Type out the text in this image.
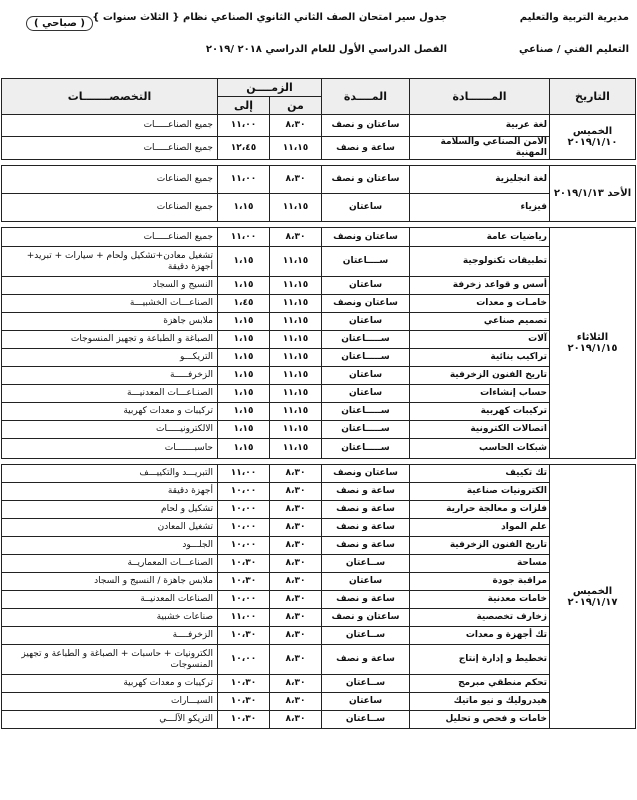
مديرية التربية والتعليم
جدول سير امتحان الصف الثاني الثانوي الصناعي نظام { الثلاث سنوات }
( صباحي )
التعليم الفني / صناعي
الفصل الدراسي الأول للعام الدراسي ٢٠١٨ /٢٠١٩
التاريخ	المــــــادة	المــــدة	الزمــــن		التخصصـــــــات
			من	إلى	
الخميس ٢٠١٩/١/١٠	لغة عربية	ساعتان و نصف	٨،٣٠	١١،٠٠	جميع الصناعـــــات
	الأمن الصناعي والسلامة المهنية	ساعة و نصف	١١،١٥	١٢،٤٥	جميع الصناعـــــات

الأحد ٢٠١٩/١/١٣	لغة انجليزية	ساعتان و نصف	٨،٣٠	١١،٠٠	جميع الصناعات
	فيزياء	ساعتان	١١،١٥	١،١٥	جميع الصناعات

الثلاثاء ٢٠١٩/١/١٥	رياضيات عامة	ساعتان ونصف	٨،٣٠	١١،٠٠	جميع الصناعـــــات
	تطبيقات تكنولوجية	ســــاعتان	١١،١٥	١،١٥	تشغيل معادن+تشكيل ولحام + سيارات + تبريد+ أجهزة دقيقة
	أسس و قواعد زخرفة	ساعتان	١١،١٥	١،١٥	النسيج و السجاد
	خامـات و معدات	ساعتان ونصف	١١،١٥	١،٤٥	الصناعـــات الخشبيـــة
	تصميم صناعي	ساعتان	١١،١٥	١،١٥	ملابس جاهزة
	آلات	ســـــاعتان	١١،١٥	١،١٥	الصباغة و الطباعة و تجهيز المنسوجات
	تراكيب بنائية	ســـــاعتان	١١،١٥	١،١٥	التريكـــو
	تاريخ الفنون الزخرفية	ساعتان	١١،١٥	١،١٥	الزخرفـــــة
	حساب إنشاءات	ساعتان	١١،١٥	١،١٥	الصنـاعـــات المعدنيـــة
	تركيبات كهربية	ســـــاعتان	١١،١٥	١،١٥	تركيبات و معدات كهربية
	اتصالات الكترونية	ســـــاعتان	١١،١٥	١،١٥	الالكترونيـــــات
	شبكات الحاسب	ســـــاعتان	١١،١٥	١،١٥	حاسبـــــــات

الخميس ٢٠١٩/١/١٧	تك تكييف	ساعتان ونصف	٨،٣٠	١١،٠٠	التبريـــد والتكييـــف
	الكترونيات صناعية	ساعة و نصف	٨،٣٠	١٠،٠٠	أجهزة دقيقة
	فلزات و معالجة حرارية	ساعة و نصف	٨،٣٠	١٠،٠٠	تشكيل و لحام
	علم المواد	ساعة و نصف	٨،٣٠	١٠،٠٠	تشغيل المعادن
	تاريخ الفنون الزخرفية	ساعة و نصف	٨،٣٠	١٠،٠٠	الجلـــود
	مساحة	ســاعتان	٨،٣٠	١٠،٣٠	الصناعـــات المعماريــة
	مراقبة جودة	ساعتان	٨،٣٠	١٠،٣٠	ملابس جاهزة / النسيج و السجاد
	خامات معدنية	ساعة و نصف	٨،٣٠	١٠،٠٠	الصناعات المعدنيــة
	زخارف تخصصية	ساعتان و نصف	٨،٣٠	١١،٠٠	صناعات خشبية
	تك أجهزة و معدات	ســاعتان	٨،٣٠	١٠،٣٠	الزخرفــــة
	تخطيط و إدارة إنتاج	ساعة و نصف	٨،٣٠	١٠،٠٠	الكترونيات + حاسبات + الصباغة و الطباعة و تجهيز المنسوجات
	تحكم منطقي مبرمج	ســاعتان	٨،٣٠	١٠،٣٠	تركيبات و معدات كهربية
	هيدروليك و نيو ماتيك	ساعتان	٨،٣٠	١٠،٣٠	السيـــارات
	خامات و فحص و تحليل	ســاعتان	٨،٣٠	١٠،٣٠	التريكو الآلـــي
